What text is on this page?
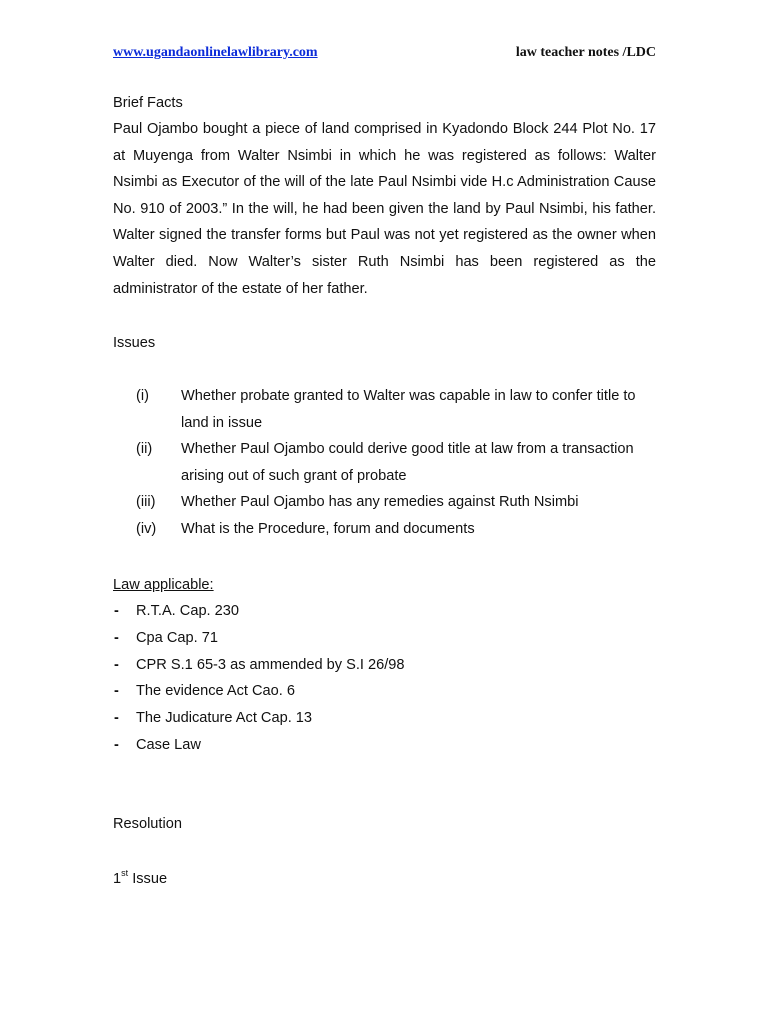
www.ugandaonlinelawlibrary.com	law teacher notes /LDC
Brief Facts
Paul Ojambo bought a piece of land comprised in Kyadondo Block 244 Plot No. 17 at Muyenga from Walter Nsimbi in which he was registered as follows: Walter Nsimbi as Executor of the will of the late Paul Nsimbi vide H.c Administration Cause No. 910 of 2003.” In the will, he had been given the land by Paul Nsimbi, his father. Walter signed the transfer forms but Paul was not yet registered as the owner when Walter died. Now Walter’s sister Ruth Nsimbi has been registered as the administrator of the estate of her father.
Issues
(i) Whether probate granted to Walter was capable in law to confer title to land in issue
(ii) Whether Paul Ojambo could derive good title at law from a transaction arising out of such grant of probate
(iii) Whether Paul Ojambo has any remedies against Ruth Nsimbi
(iv) What is the Procedure, forum and documents
Law applicable:
- R.T.A. Cap. 230
- Cpa Cap. 71
- CPR S.1 65-3 as ammended by S.I 26/98
- The evidence Act Cao. 6
- The Judicature Act Cap. 13
- Case Law
Resolution
1st Issue
